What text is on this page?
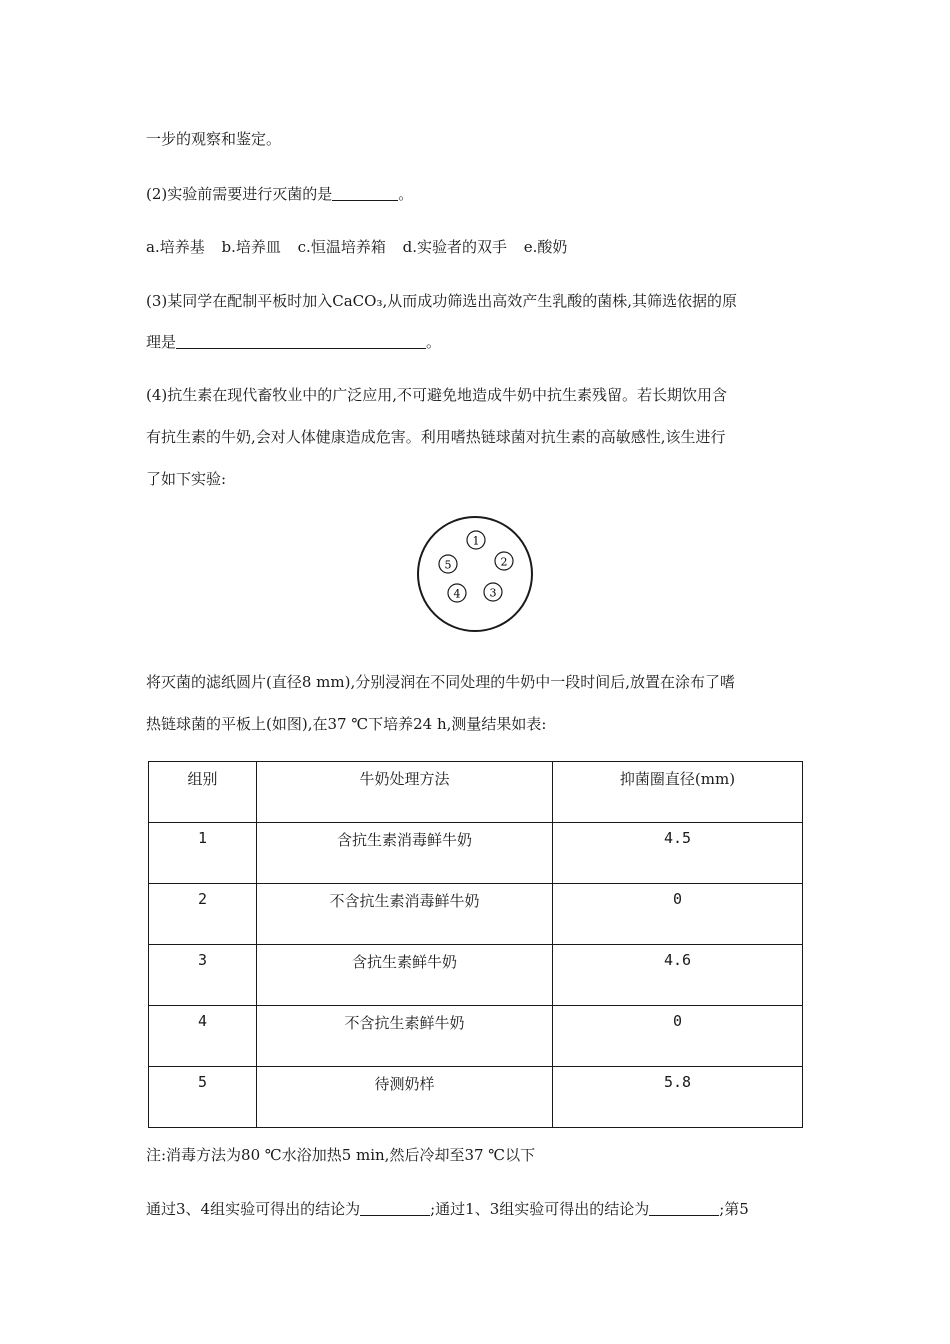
一步的观察和鉴定。
(2)实验前需要进行灭菌的是	。
a.培养基 b.培养皿 c.恒温培养箱 d.实验者的双手 e.酸奶
(3)某同学在配制平板时加入CaCO₃,从而成功筛选出高效产生乳酸的菌株,其筛选依据的原
理是	。
(4)抗生素在现代畜牧业中的广泛应用,不可避免地造成牛奶中抗生素残留。若长期饮用含
有抗生素的牛奶,会对人体健康造成危害。利用嗜热链球菌对抗生素的高敏感性,该生进行
了如下实验:
1
2
3
4
5
将灭菌的滤纸圆片(直径8 mm),分别浸润在不同处理的牛奶中一段时间后,放置在涂布了嗜
热链球菌的平板上(如图),在37 ℃下培养24 h,测量结果如表:
组别	牛奶处理方法	抑菌圈直径(mm)
1	含抗生素消毒鲜牛奶	4.5
2	不含抗生素消毒鲜牛奶	0
3	含抗生素鲜牛奶	4.6
4	不含抗生素鲜牛奶	0
5	待测奶样	5.8
注:消毒方法为80 ℃水浴加热5 min,然后冷却至37 ℃以下
通过3、4组实验可得出的结论为	;通过1、3组实验可得出的结论为	;第5
